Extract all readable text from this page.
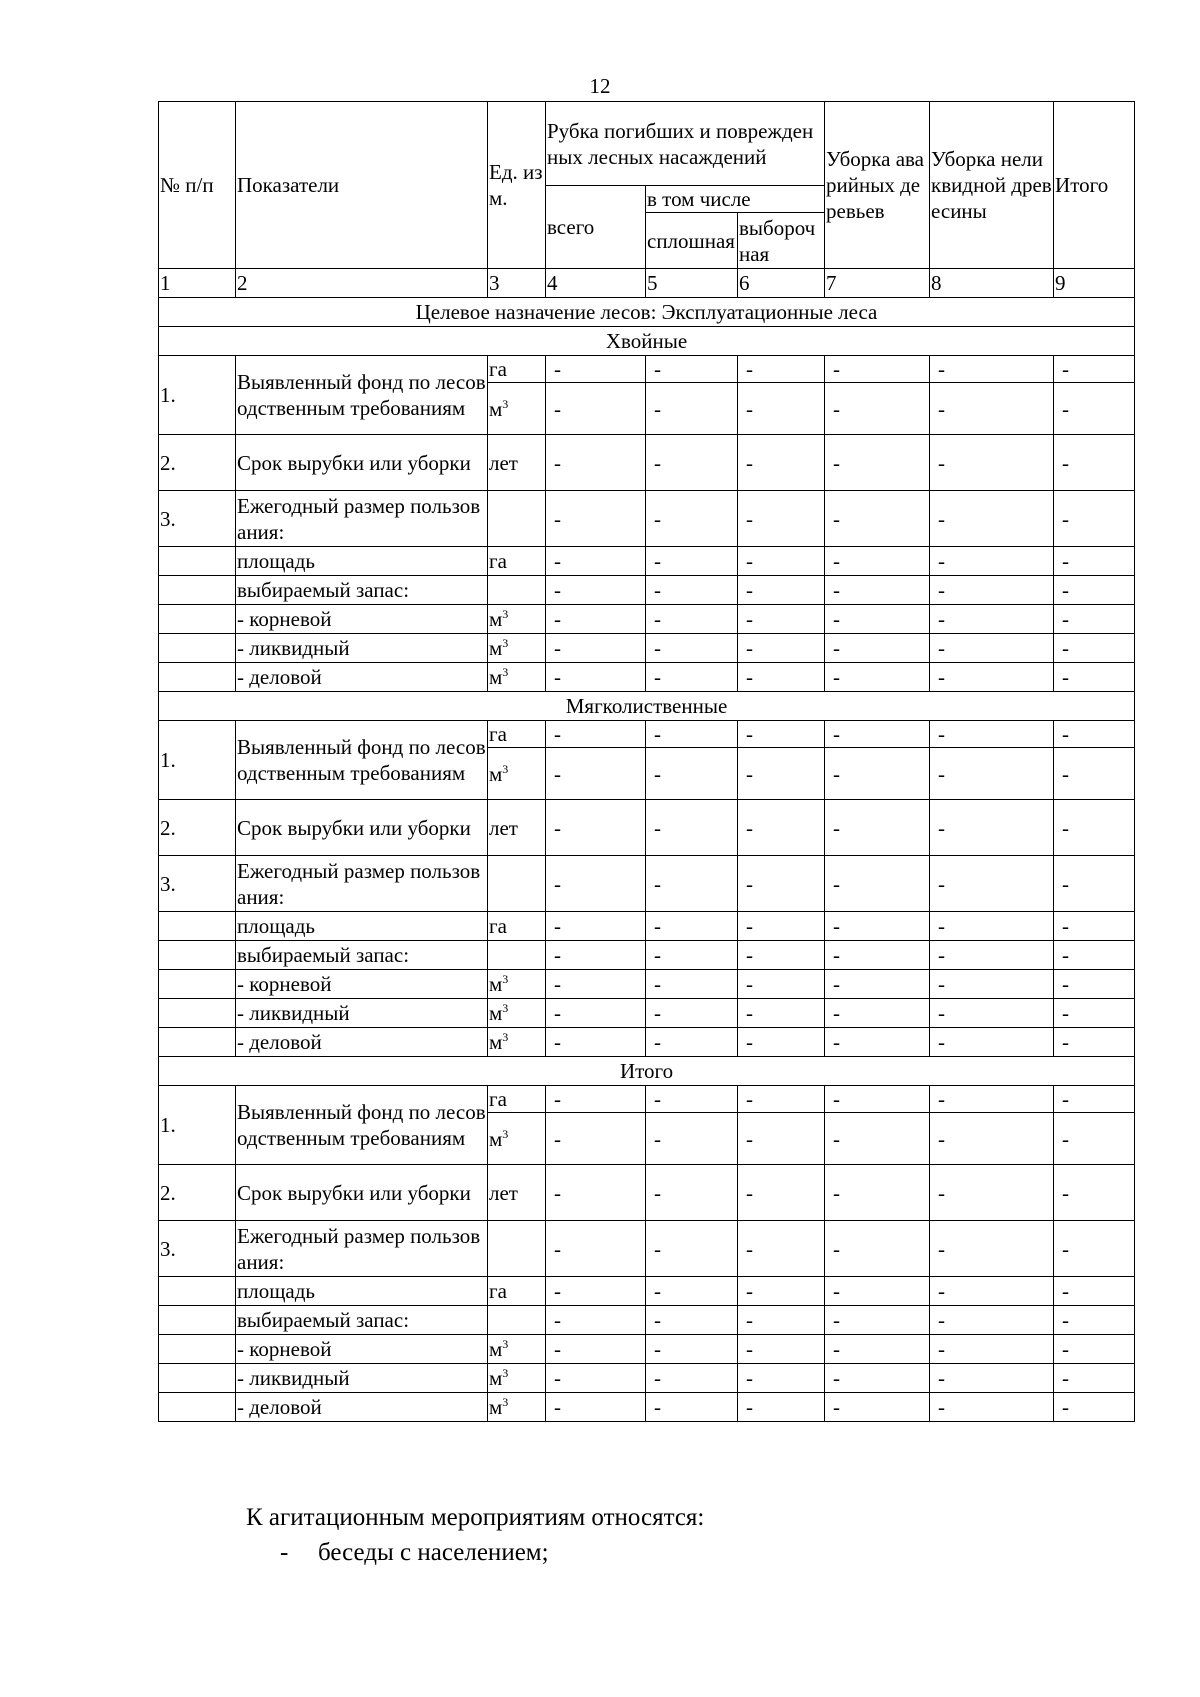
12
№ п/п	Показатели	Ед. изм.	Рубка погибших и поврежденных лесных насаждений			Уборка аварийных деревьев	Уборка неликвидной древесины	Итого
			всего	в том числе				
				сплошная	выборочная			
1	2	3	4	5	6	7	8	9
Целевое назначение лесов: Эксплуатационные леса								
Хвойные								
1.	Выявленный фонд по лесоводственным требованиям	га	-	-	-	-	-	-
		$м^3$	-	-	-	-	-	-
2.	Срок вырубки или уборки	лет	-	-	-	-	-	-
3.	Ежегодный размер пользования:		-	-	-	-	-	-
	площадь	га	-	-	-	-	-	-
	выбираемый запас:		-	-	-	-	-	-
	- корневой	$м^3$	-	-	-	-	-	-
	- ликвидный	$м^3$	-	-	-	-	-	-
	- деловой	$м^3$	-	-	-	-	-	-
Мягколиственные								
1.	Выявленный фонд по лесоводственным требованиям	га	-	-	-	-	-	-
		$м^3$	-	-	-	-	-	-
2.	Срок вырубки или уборки	лет	-	-	-	-	-	-
3.	Ежегодный размер пользования:		-	-	-	-	-	-
	площадь	га	-	-	-	-	-	-
	выбираемый запас:		-	-	-	-	-	-
	- корневой	$м^3$	-	-	-	-	-	-
	- ликвидный	$м^3$	-	-	-	-	-	-
	- деловой	$м^3$	-	-	-	-	-	-
Итого								
1.	Выявленный фонд по лесоводственным требованиям	га	-	-	-	-	-	-
		$м^3$	-	-	-	-	-	-
2.	Срок вырубки или уборки	лет	-	-	-	-	-	-
3.	Ежегодный размер пользования:		-	-	-	-	-	-
	площадь	га	-	-	-	-	-	-
	выбираемый запас:		-	-	-	-	-	-
	- корневой	$м^3$	-	-	-	-	-	-
	- ликвидный	$м^3$	-	-	-	-	-	-
	- деловой	$м^3$	-	-	-	-	-	-
К агитационным мероприятиям относятся:
- беседы с населением;
